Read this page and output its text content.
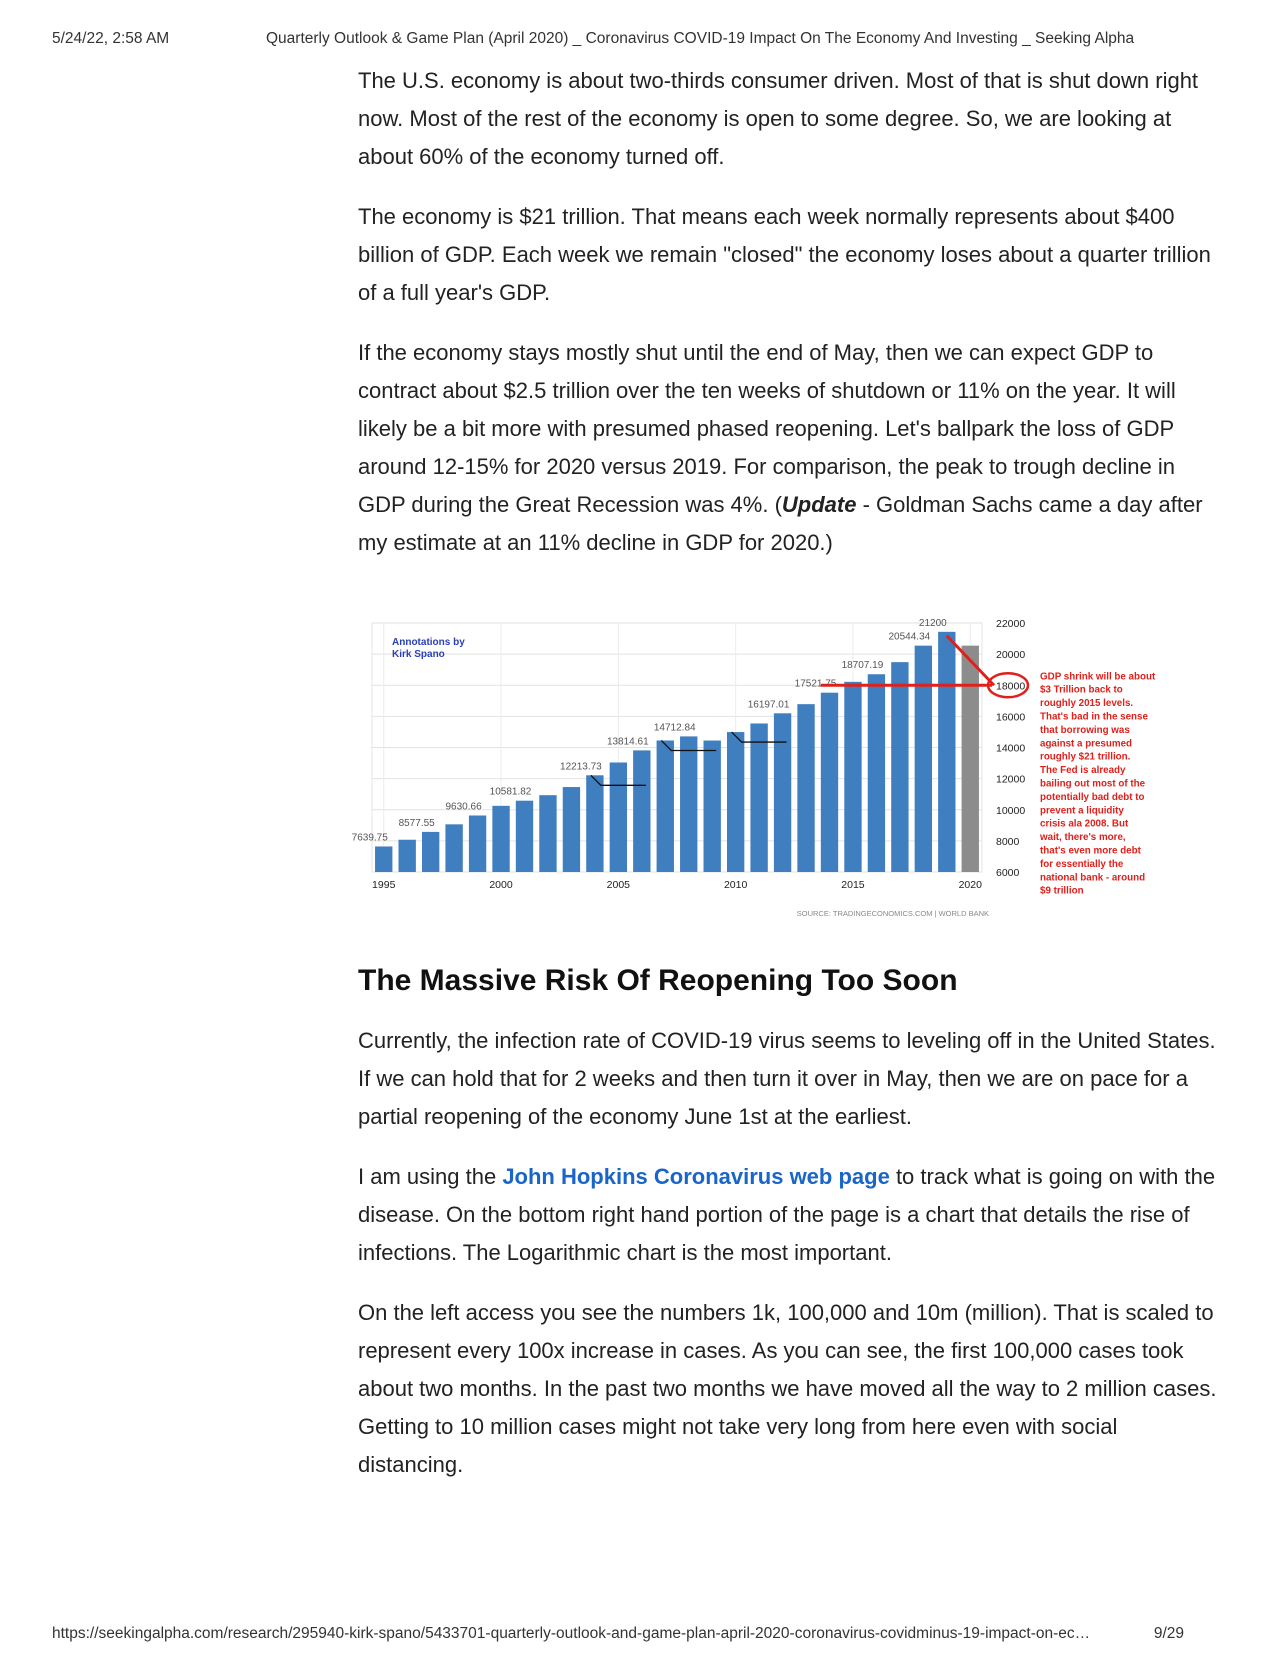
5/24/22, 2:58 AM	Quarterly Outlook & Game Plan (April 2020) _ Coronavirus COVID-19 Impact On The Economy And Investing _ Seeking Alpha

The U.S. economy is about two-thirds consumer driven. Most of that is shut down right now. Most of the rest of the economy is open to some degree. So, we are looking at about 60% of the economy turned off.

The economy is $21 trillion. That means each week normally represents about $400 billion of GDP. Each week we remain "closed" the economy loses about a quarter trillion of a full year's GDP.

If the economy stays mostly shut until the end of May, then we can expect GDP to contract about $2.5 trillion over the ten weeks of shutdown or 11% on the year. It will likely be a bit more with presumed phased reopening. Let's ballpark the loss of GDP around 12-15% for 2020 versus 2019. For comparison, the peak to trough decline in GDP during the Great Recession was 4%. (Update - Goldman Sachs came a day after my estimate at an 11% decline in GDP for 2020.)

6000
8000
10000
12000
14000
16000
18000
20000
22000
7639.75
8577.55
9630.66
10581.82
12213.73
13814.61
14712.84
16197.01
17521.75
18707.19
20544.34
21200
1995	2000	2005	2010	2015	2020
Annotations by
Kirk Spano
GDP shrink will be about
$3 Trillion back to
roughly 2015 levels.
That's bad in the sense
that borrowing was
against a presumed
roughly $21 trillion.
The Fed is already
bailing out most of the
potentially bad debt to
prevent a liquidity
crisis ala 2008. But
wait, there's more,
that's even more debt
for essentially the
national bank - around
$9 trillion
SOURCE: TRADINGECONOMICS.COM | WORLD BANK
The Massive Risk Of Reopening Too Soon

Currently, the infection rate of COVID-19 virus seems to leveling off in the United States. If we can hold that for 2 weeks and then turn it over in May, then we are on pace for a partial reopening of the economy June 1st at the earliest.

I am using the John Hopkins Coronavirus web page to track what is going on with the disease. On the bottom right hand portion of the page is a chart that details the rise of infections. The Logarithmic chart is the most important.

On the left access you see the numbers 1k, 100,000 and 10m (million). That is scaled to represent every 100x increase in cases. As you can see, the first 100,000 cases took about two months. In the past two months we have moved all the way to 2 million cases. Getting to 10 million cases might not take very long from here even with social distancing.

https://seekingalpha.com/research/295940-kirk-spano/5433701-quarterly-outlook-and-game-plan-april-2020-coronavirus-covidminus-19-impact-on-ec…	9/29
